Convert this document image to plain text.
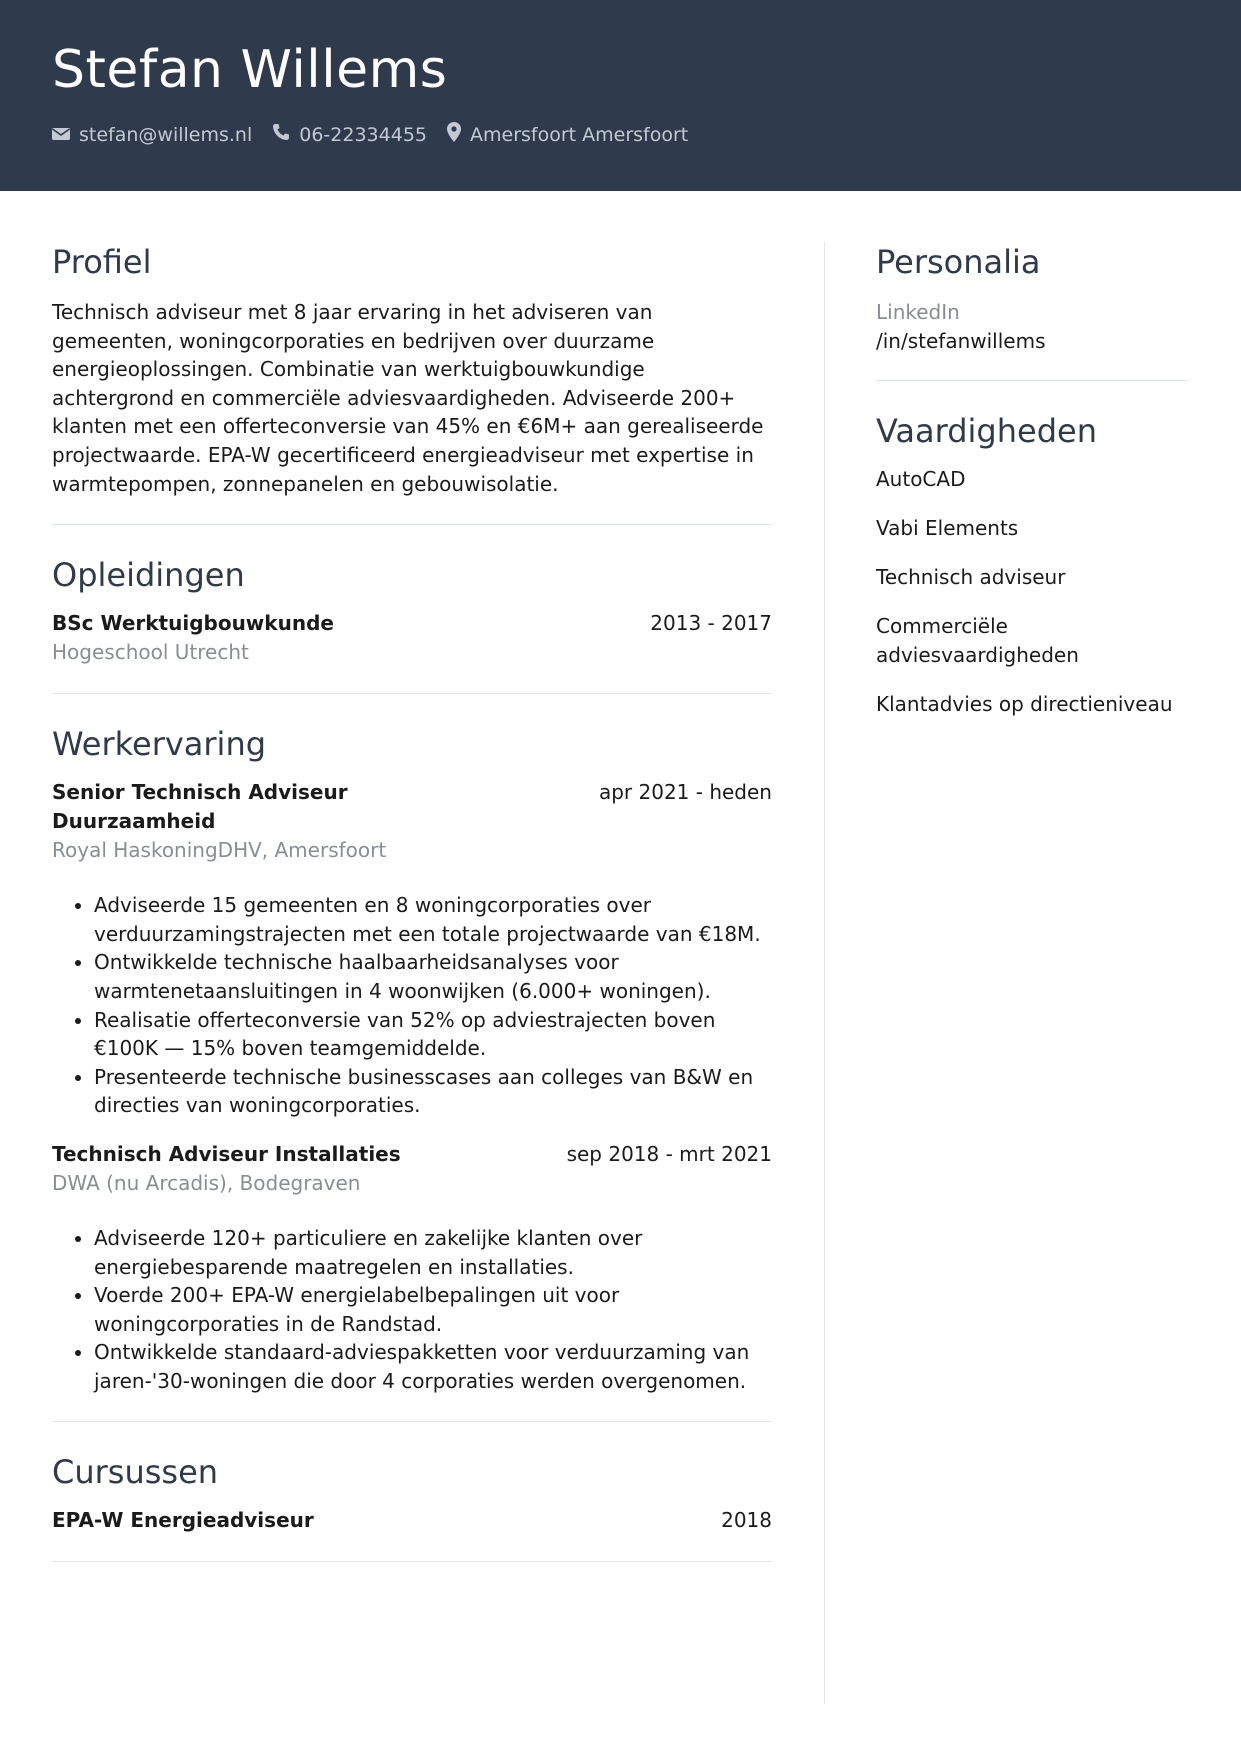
Stefan Willems
stefan@willems.nl 06-22334455 Amersfoort Amersfoort
Profiel
Technisch adviseur met 8 jaar ervaring in het adviseren van gemeenten, woningcorporaties en bedrijven over duurzame energieoplossingen. Combinatie van werktuigbouwkundige achtergrond en commerciële adviesvaardigheden. Adviseerde 200+ klanten met een offerteconversie van 45% en €6M+ aan gerealiseerde projectwaarde. EPA-W gecertificeerd energieadviseur met expertise in warmtepompen, zonnepanelen en gebouwisolatie.
Opleidingen
BSc Werktuigbouwkunde	2013 - 2017
Hogeschool Utrecht
Werkervaring
Senior Technisch Adviseur Duurzaamheid
apr 2021 - heden
Royal HaskoningDHV, Amersfoort
• Adviseerde 15 gemeenten en 8 woningcorporaties over verduurzamingstrajecten met een totale projectwaarde van €18M.
• Ontwikkelde technische haalbaarheidsanalyses voor warmtenetaansluitingen in 4 woonwijken (6.000+ woningen).
• Realisatie offerteconversie van 52% op adviestrajecten boven €100K — 15% boven teamgemiddelde.
• Presenteerde technische businesscases aan colleges van B&W en directies van woningcorporaties.
Technisch Adviseur Installaties	sep 2018 - mrt 2021
DWA (nu Arcadis), Bodegraven
• Adviseerde 120+ particuliere en zakelijke klanten over energiebesparende maatregelen en installaties.
• Voerde 200+ EPA-W energielabelbepalingen uit voor woningcorporaties in de Randstad.
• Ontwikkelde standaard-adviespakketten voor verduurzaming van jaren-'30-woningen die door 4 corporaties werden overgenomen.
Cursussen
EPA-W Energieadviseur	2018
Personalia
LinkedIn
/in/stefanwillems
Vaardigheden
AutoCAD
Vabi Elements
Technisch adviseur
Commerciële adviesvaardigheden
Klantadvies op directieniveau
